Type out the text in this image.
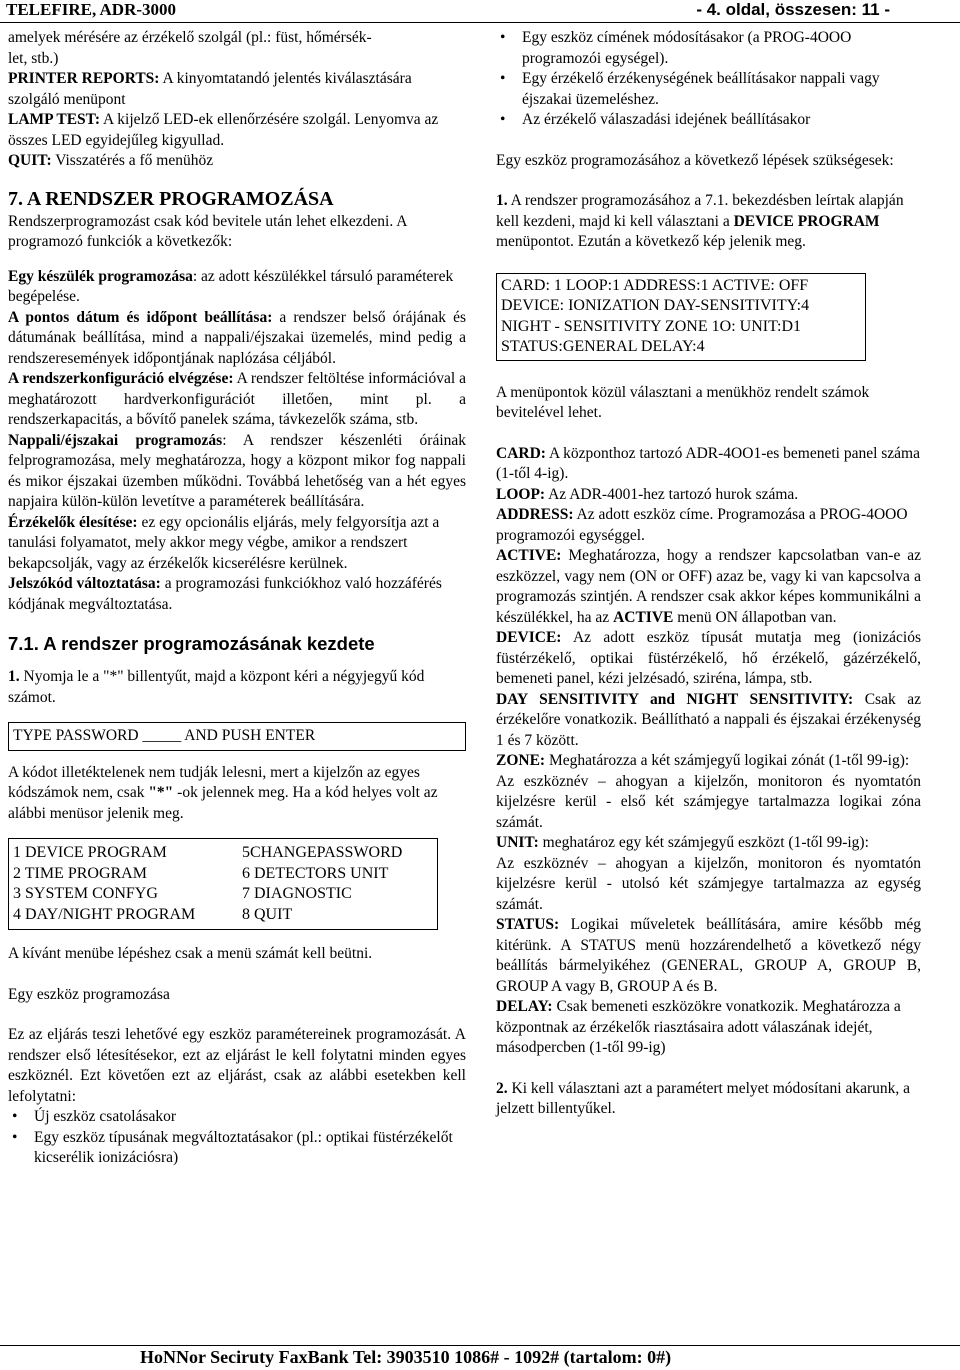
TELEFIRE, ADR-3000	- 4. oldal, összesen: 11 -

amelyek mérésére az érzékelő szolgál (pl.: füst, hőmérsék-

let, stb.)

PRINTER REPORTS: A kinyomtatandó jelentés kiválasztására szolgáló menüpont

LAMP TEST: A kijelző LED-ek ellenőrzésére szolgál. Lenyomva az összes LED egyidejűleg kigyullad.

QUIT: Visszatérés a fő menühöz

7. A RENDSZER PROGRAMOZÁSA

Rendszerprogramozást csak kód bevitele után lehet elkezdeni. A programozó funkciók a következők:

Egy készülék programozása: az adott készülékkel társuló paraméterek begépelése.

A pontos dátum és időpont beállítása: a rendszer belső órájának és dátumának beállítása, mind a nappali/éjszakai üzemelés, mind pedig a rendszeresemények időpontjának naplózása céljából.

A rendszerkonfiguráció elvégzése: A rendszer feltöltése információval a meghatározott hardverkonfigurációt illetően, mint pl. a rendszerkapacitás, a bővítő panelek száma, távkezelők száma, stb.

Nappali/éjszakai programozás: A rendszer készenléti óráinak felprogramozása, mely meghatározza, hogy a központ mikor fog nappali és mikor éjszakai üzemben működni. Továbbá lehetőség van a hét egyes napjaira külön-külön levetítve a paraméterek beállítására.

Érzékelők élesítése: ez egy opcionális eljárás, mely felgyorsítja azt a tanulási folyamatot, mely akkor megy végbe, amikor a rendszert bekapcsolják, vagy az érzékelők kicserélésre kerülnek.

Jelszókód változtatása: a programozási funkciókhoz való hozzáférés kódjának megváltoztatása.

7.1. A rendszer programozásának kezdete

1. Nyomja le a "*" billentyűt, majd a központ kéri a négyjegyű kód számot.

TYPE PASSWORD _____ AND PUSH ENTER

A kódot illetéktelenek nem tudják lelesni, mert a kijelzőn az egyes kódszámok nem, csak "*" -ok jelennek meg. Ha a kód helyes volt az alábbi menüsor jelenik meg.

1 DEVICE PROGRAM	5CHANGEPASSWORD
2 TIME PROGRAM	6 DETECTORS UNIT
3 SYSTEM CONFYG	7 DIAGNOSTIC
4 DAY/NIGHT PROGRAM	8 QUIT

A kívánt menübe lépéshez csak a menü számát kell beütni.

Egy eszköz programozása

Ez az eljárás teszi lehetővé egy eszköz paramétereinek programozását. A rendszer első létesítésekor, ezt az eljárást le kell folytatni minden egyes eszköznél. Ezt követően ezt az eljárást, csak az alábbi esetekben kell lefolytatni:

• Új eszköz csatolásakor

• Egy eszköz típusának megváltoztatásakor (pl.: optikai füstérzékelőt kicserélik ionizációsra)

• Egy eszköz címének módosításakor (a PROG-4OOO programozói egységel).

• Egy érzékelő érzékenységének beállításakor nappali vagy éjszakai üzemeléshez.

• Az érzékelő válaszadási idejének beállításakor

Egy eszköz programozásához a következő lépések szükségesek:

1. A rendszer programozásához a 7.1. bekezdésben leírtak alapján kell kezdeni, majd ki kell választani a DEVICE PROGRAM menüpontot. Ezután a következő kép jelenik meg.

CARD: 1 LOOP:1 ADDRESS:1 ACTIVE: OFF

DEVICE: IONIZATION DAY-SENSITIVITY:4

NIGHT - SENSITIVITY ZONE 1O: UNIT:D1

STATUS:GENERAL DELAY:4

A menüpontok közül választani a menükhöz rendelt számok bevitelével lehet.

CARD: A központhoz tartozó ADR-4OO1-es bemeneti panel száma (1-től 4-ig).

LOOP: Az ADR-4001-hez tartozó hurok száma.

ADDRESS: Az adott eszköz címe. Programozása a PROG-4OOO programozói egységgel.

ACTIVE: Meghatározza, hogy a rendszer kapcsolatban van-e az eszközzel, vagy nem (ON or OFF) azaz be, vagy ki van kapcsolva a programozás szintjén. A rendszer csak akkor képes kommunikálni a készülékkel, ha az ACTIVE menü ON állapotban van.

DEVICE: Az adott eszköz típusát mutatja meg (ionizációs füstérzékelő, optikai füstérzékelő, hő érzékelő, gázérzékelő, bemeneti panel, kézi jelzésadó, sziréna, lámpa, stb.

DAY SENSITIVITY and NIGHT SENSITIVITY: Csak az érzékelőre vonatkozik. Beállítható a nappali és éjszakai érzékenység 1 és 7 között.

ZONE: Meghatározza a két számjegyű logikai zónát (1-től 99-ig):

Az eszköznév – ahogyan a kijelzőn, monitoron és nyomtatón kijelzésre kerül - első két számjegye tartalmazza logikai zóna számát.

UNIT: meghatároz egy két számjegyű eszközt (1-től 99-ig):

Az eszköznév – ahogyan a kijelzőn, monitoron és nyomtatón kijelzésre kerül - utolsó két számjegye tartalmazza az egység számát.

STATUS: Logikai műveletek beállítására, amire később még kitérünk. A STATUS menü hozzárendelhető a következő négy beállítás bármelyikéhez (GENERAL, GROUP A, GROUP B, GROUP A vagy B, GROUP A és B.

DELAY: Csak bemeneti eszközökre vonatkozik. Meghatározza a központnak az érzékelők riasztásaira adott válaszának idejét, másodpercben (1-től 99-ig)

2. Ki kell választani azt a paramétert melyet módosítani akarunk, a jelzett billentyűkel.

HoNNor Seciruty FaxBank Tel: 3903510 1086# - 1092# (tartalom: 0#)
